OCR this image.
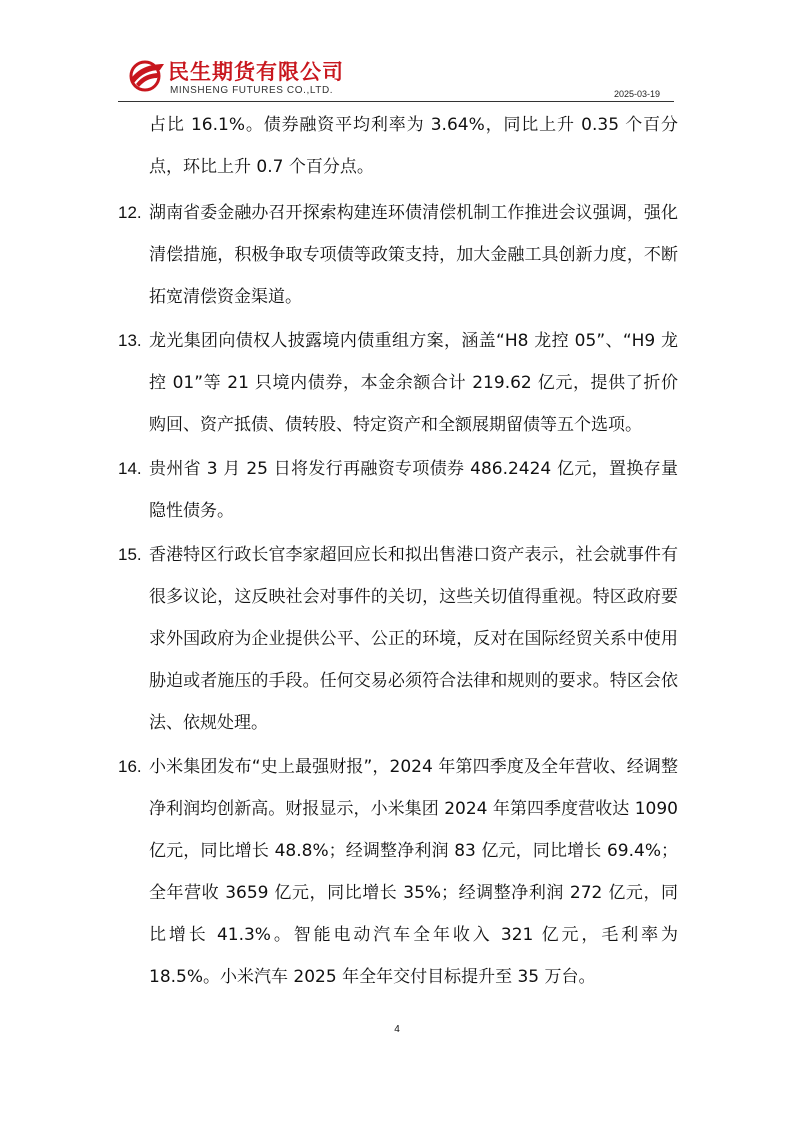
民生期货有限公司
MINSHENG FUTURES CO.,LTD.	2025-03-19
占比 16.1%。债券融资平均利率为 3.64%，同比上升 0.35 个百分点，环比上升 0.7 个百分点。
12. 湖南省委金融办召开探索构建连环债清偿机制工作推进会议强调，强化清偿措施，积极争取专项债等政策支持，加大金融工具创新力度，不断拓宽清偿资金渠道。
13. 龙光集团向债权人披露境内债重组方案，涵盖“H8 龙控 05”、“H9 龙控 01”等 21 只境内债券，本金余额合计 219.62 亿元，提供了折价购回、资产抵债、债转股、特定资产和全额展期留债等五个选项。
14. 贵州省 3 月 25 日将发行再融资专项债券 486.2424 亿元，置换存量隐性债务。
15. 香港特区行政长官李家超回应长和拟出售港口资产表示，社会就事件有很多议论，这反映社会对事件的关切，这些关切值得重视。特区政府要求外国政府为企业提供公平、公正的环境，反对在国际经贸关系中使用胁迫或者施压的手段。任何交易必须符合法律和规则的要求。特区会依法、依规处理。
16. 小米集团发布“史上最强财报”，2024 年第四季度及全年营收、经调整净利润均创新高。财报显示，小米集团 2024 年第四季度营收达 1090 亿元，同比增长 48.8%；经调整净利润 83 亿元，同比增长 69.4%；全年营收 3659 亿元，同比增长 35%；经调整净利润 272 亿元，同比增长 41.3%。智能电动汽车全年收入 321 亿元，毛利率为 18.5%。小米汽车 2025 年全年交付目标提升至 35 万台。
4
